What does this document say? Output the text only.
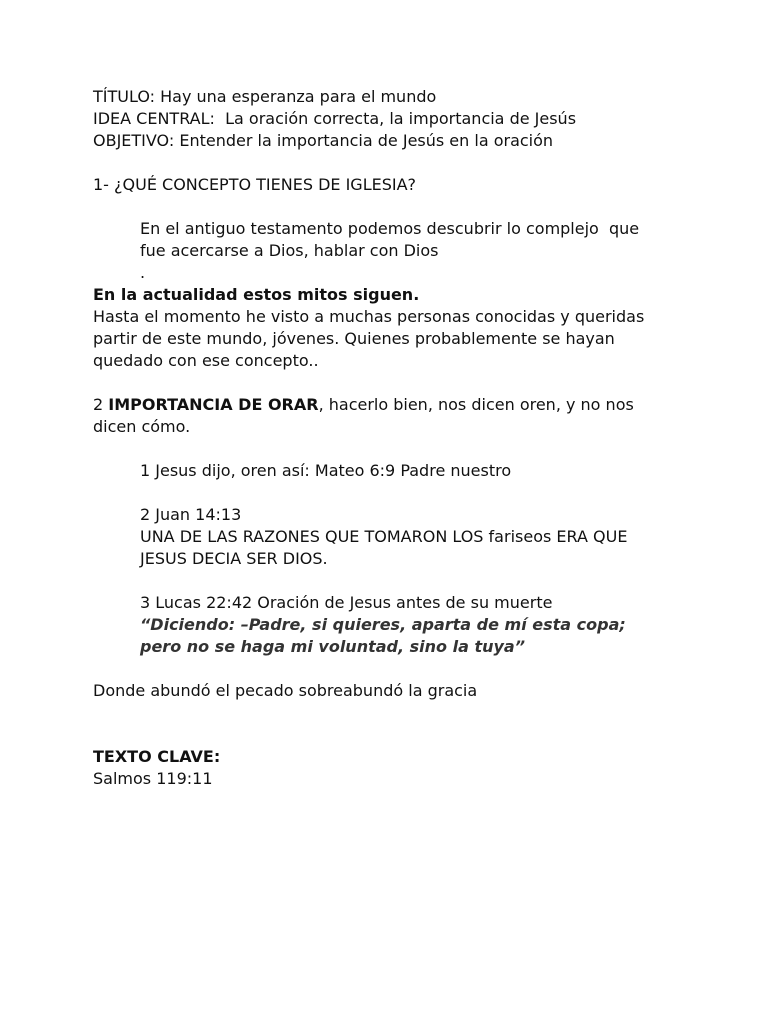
TÍTULO: Hay una esperanza para el mundo
IDEA CENTRAL:  La oración correcta, la importancia de Jesús
OBJETIVO: Entender la importancia de Jesús en la oración
1- ¿QUÉ CONCEPTO TIENES DE IGLESIA?
En el antiguo testamento podemos descubrir lo complejo  que
fue acercarse a Dios, hablar con Dios
.
En la actualidad estos mitos siguen.
Hasta el momento he visto a muchas personas conocidas y queridas
partir de este mundo, jóvenes. Quienes probablemente se hayan
quedado con ese concepto..
2 IMPORTANCIA DE ORAR, hacerlo bien, nos dicen oren, y no nos
dicen cómo.
1 Jesus dijo, oren así: Mateo 6:9 Padre nuestro
2 Juan 14:13
UNA DE LAS RAZONES QUE TOMARON LOS fariseos ERA QUE
JESUS DECIA SER DIOS.
3 Lucas 22:42 Oración de Jesus antes de su muerte
“Diciendo: –Padre, si quieres, aparta de mí esta copa;
pero no se haga mi voluntad, sino la tuya”
Donde abundó el pecado sobreabundó la gracia
TEXTO CLAVE:
Salmos 119:11
